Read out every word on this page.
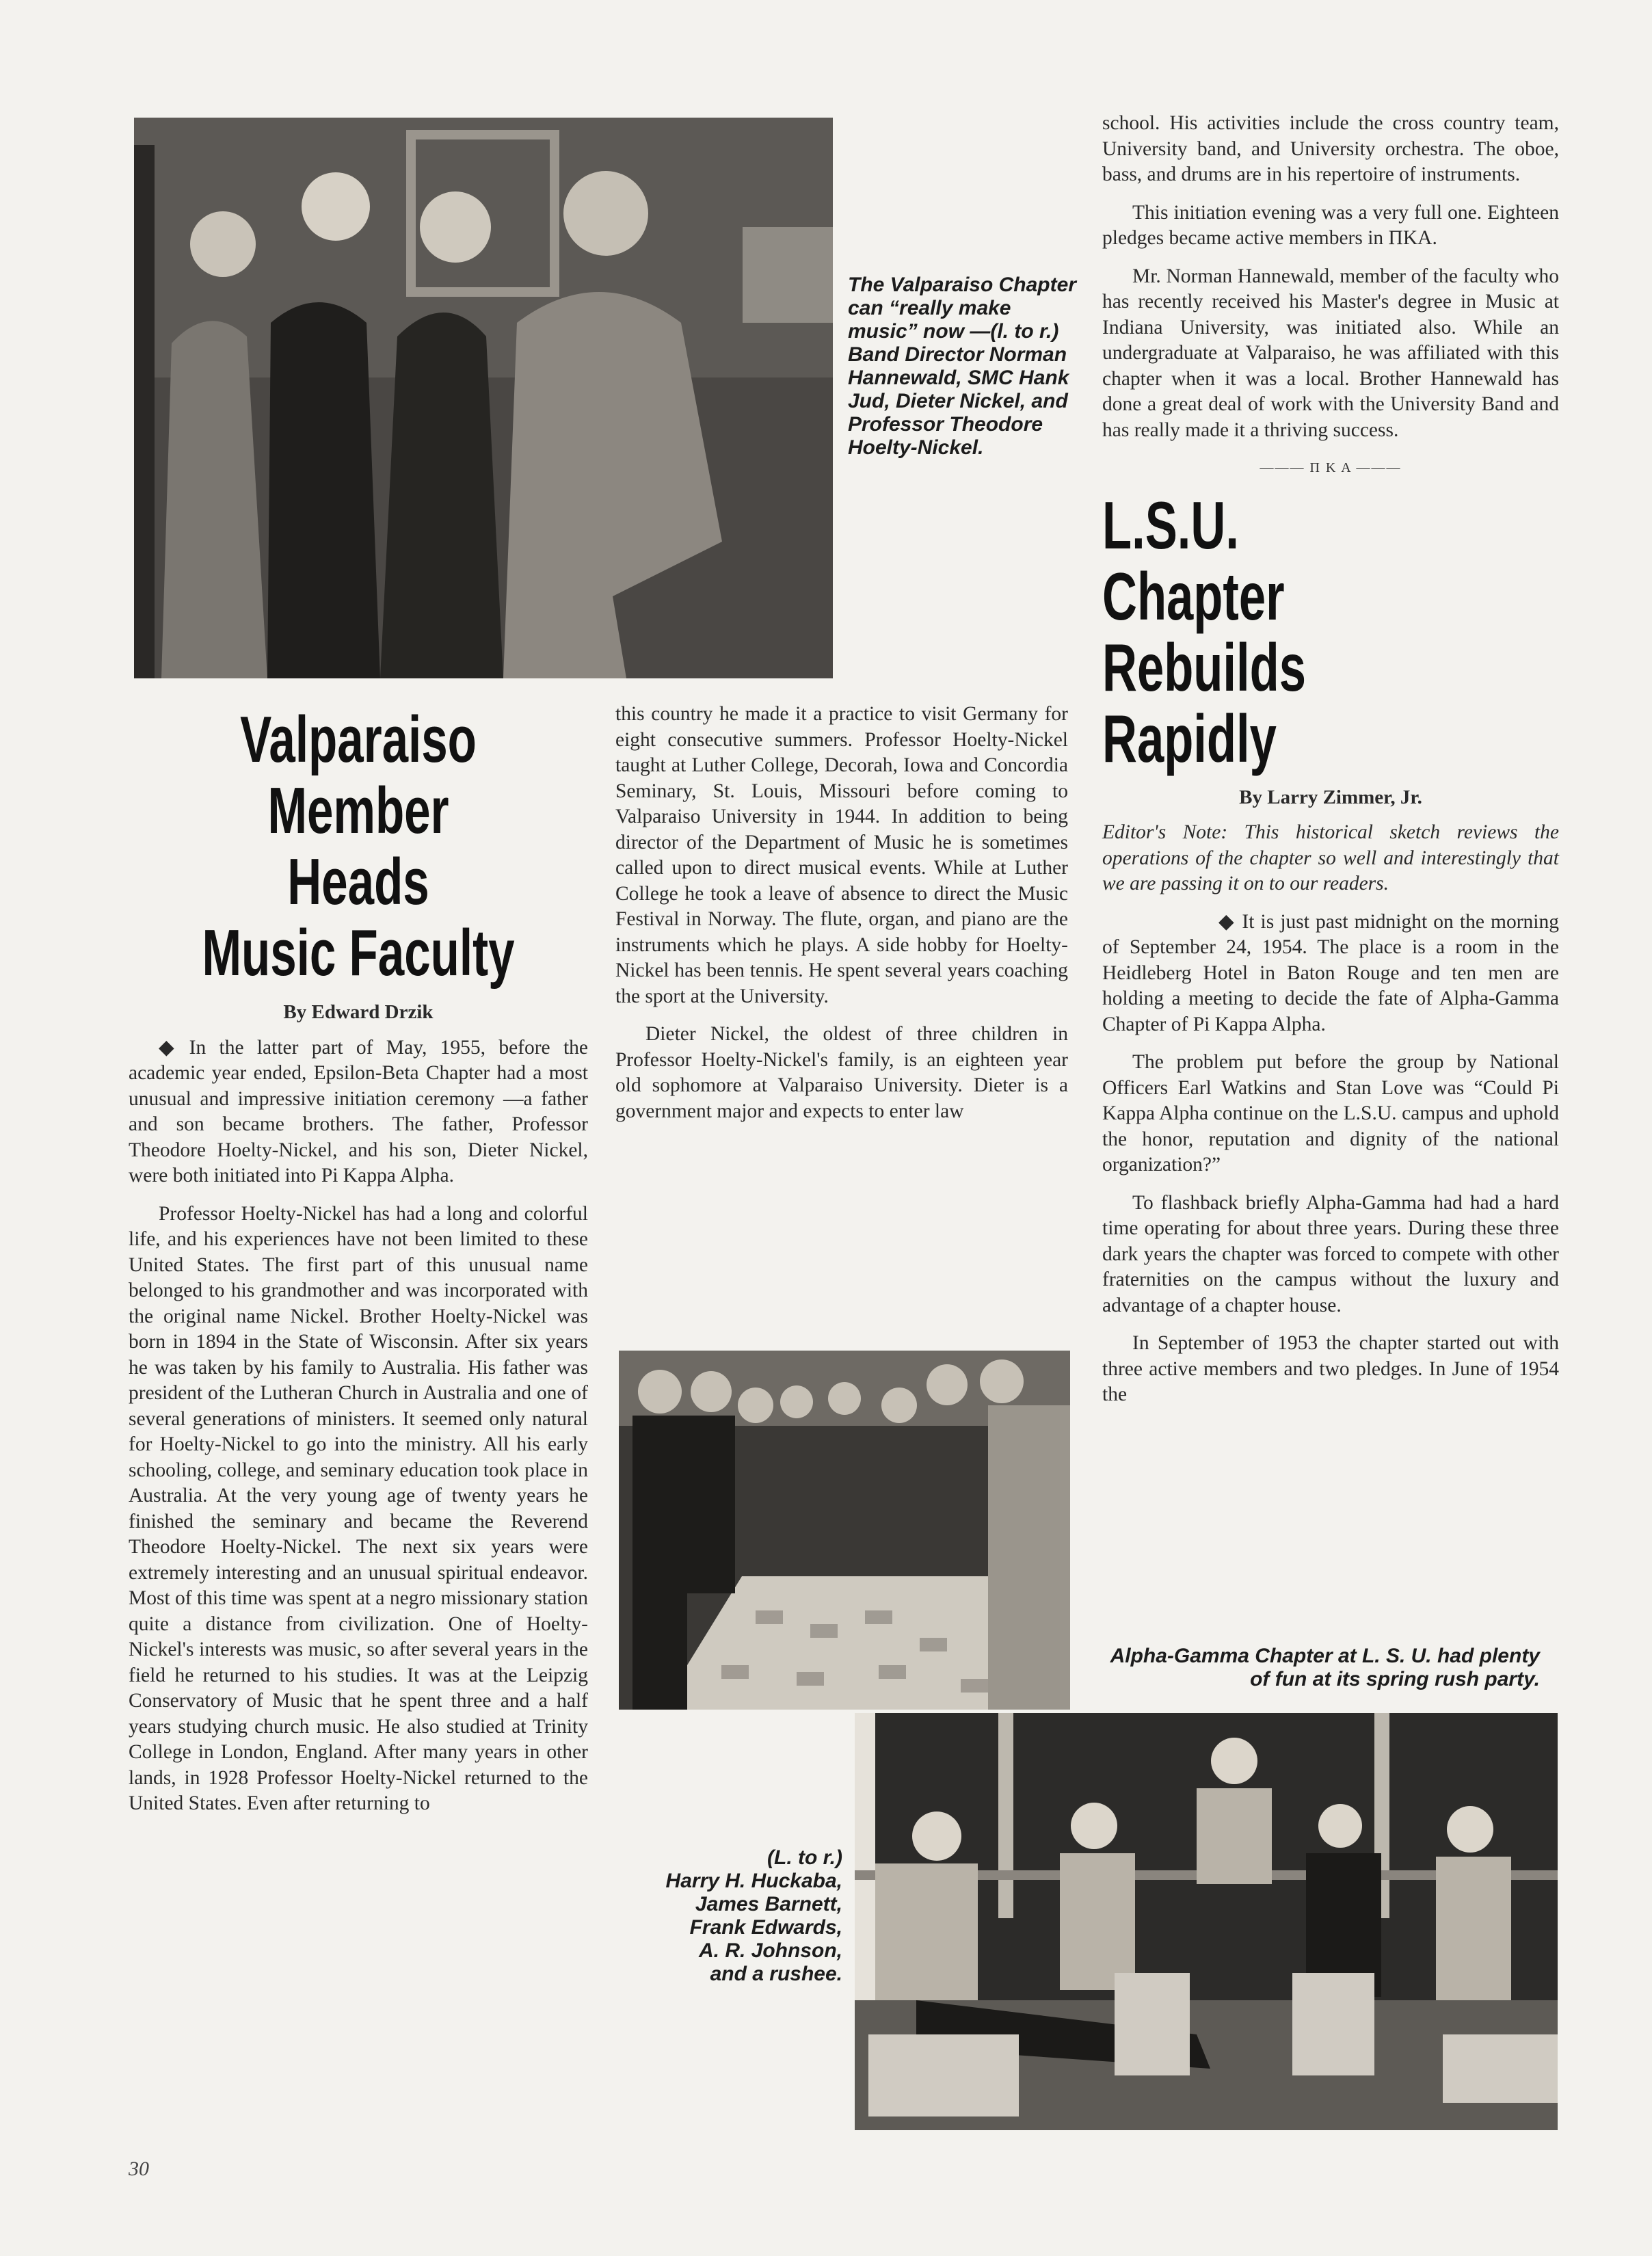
The Valparaiso Chapter can “really make music” now —(l. to r.) Band Director Norman Hannewald, SMC Hank Jud, Dieter Nickel, and Professor Theodore Hoelty-Nickel.
Valparaiso Member
Heads
Music Faculty
By Edward Drzik

◆ In the latter part of May, 1955, before the academic year ended, Epsilon-Beta Chapter had a most unusual and impressive initiation ceremony —a father and son became brothers. The father, Professor Theodore Hoelty-Nickel, and his son, Dieter Nickel, were both initiated into Pi Kappa Alpha.

Professor Hoelty-Nickel has had a long and colorful life, and his experiences have not been limited to these United States. The first part of this unusual name belonged to his grandmother and was incorporated with the original name Nickel. Brother Hoelty-Nickel was born in 1894 in the State of Wisconsin. After six years he was taken by his family to Australia. His father was president of the Lutheran Church in Australia and one of several generations of ministers. It seemed only natural for Hoelty-Nickel to go into the ministry. All his early schooling, college, and seminary education took place in Australia. At the very young age of twenty years he finished the seminary and became the Reverend Theodore Hoelty-Nickel. The next six years were extremely interesting and an unusual spiritual endeavor. Most of this time was spent at a negro missionary station quite a distance from civilization. One of Hoelty-Nickel's interests was music, so after several years in the field he returned to his studies. It was at the Leipzig Conservatory of Music that he spent three and a half years studying church music. He also studied at Trinity College in London, England. After many years in other lands, in 1928 Professor Hoelty-Nickel returned to the United States. Even after returning to

this country he made it a practice to visit Germany for eight consecutive summers. Professor Hoelty-Nickel taught at Luther College, Decorah, Iowa and Concordia Seminary, St. Louis, Missouri before coming to Valparaiso University in 1944. In addition to being director of the Department of Music he is sometimes called upon to direct musical events. While at Luther College he took a leave of absence to direct the Music Festival in Norway. The flute, organ, and piano are the instruments which he plays. A side hobby for Hoelty-Nickel has been tennis. He spent several years coaching the sport at the University.

Dieter Nickel, the oldest of three children in Professor Hoelty-Nickel's family, is an eighteen year old sophomore at Valparaiso University. Dieter is a government major and expects to enter law

school. His activities include the cross country team, University band, and University orchestra. The oboe, bass, and drums are in his repertoire of instruments.

This initiation evening was a very full one. Eighteen pledges became active members in ΠKA.

Mr. Norman Hannewald, member of the faculty who has recently received his Master's degree in Music at Indiana University, was initiated also. While an undergraduate at Valparaiso, he was affiliated with this chapter when it was a local. Brother Hannewald has done a great deal of work with the University Band and has really made it a thriving success.

——— Π K A ———
L.S.U. Chapter
Rebuilds Rapidly
By Larry Zimmer, Jr.

Editor's Note: This historical sketch reviews the operations of the chapter so well and interestingly that we are passing it on to our readers.

◆ It is just past midnight on the morning of September 24, 1954. The place is a room in the Heidleberg Hotel in Baton Rouge and ten men are holding a meeting to decide the fate of Alpha-Gamma Chapter of Pi Kappa Alpha.

The problem put before the group by National Officers Earl Watkins and Stan Love was “Could Pi Kappa Alpha continue on the L.S.U. campus and uphold the honor, reputation and dignity of the national organization?”

To flashback briefly Alpha-Gamma had had a hard time operating for about three years. During these three dark years the chapter was forced to compete with other fraternities on the campus without the luxury and advantage of a chapter house.

In September of 1953 the chapter started out with three active members and two pledges. In June of 1954 the

Alpha-Gamma Chapter at L. S. U. had plenty of fun at its spring rush party.
(L. to r.)
Harry H. Huckaba,
James Barnett,
Frank Edwards,
A. R. Johnson,
and a rushee.
30
